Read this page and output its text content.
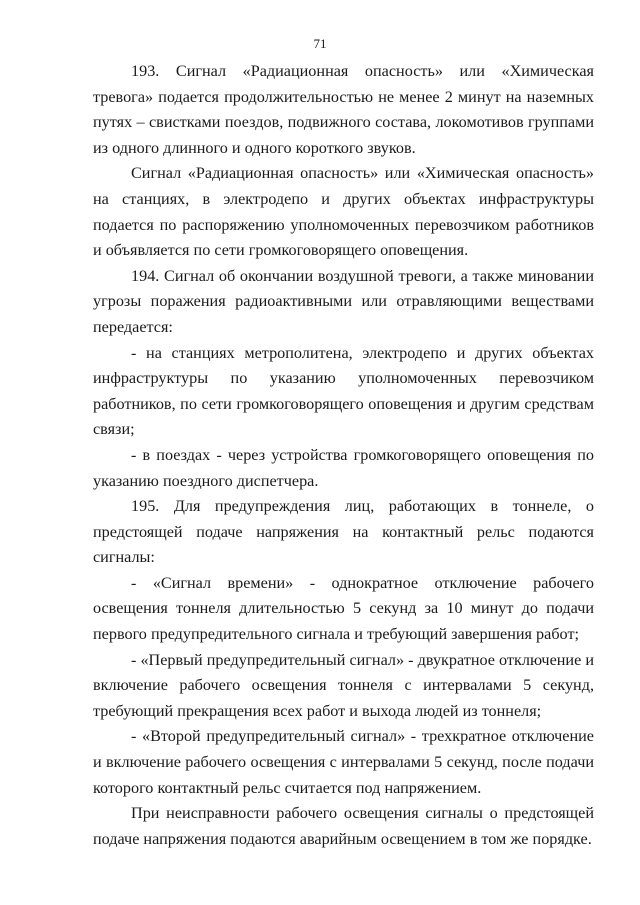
71

193. Сигнал «Радиационная опасность» или «Химическая тревога» подается продолжительностью не менее 2 минут на наземных путях – свистками поездов, подвижного состава, локомотивов группами из одного длинного и одного короткого звуков.

Сигнал «Радиационная опасность» или «Химическая опасность» на станциях, в электродепо и других объектах инфраструктуры подается по распоряжению уполномоченных перевозчиком работников и объявляется по сети громкоговорящего оповещения.

194. Сигнал об окончании воздушной тревоги, а также миновании угрозы поражения радиоактивными или отравляющими веществами передается:

- на станциях метрополитена, электродепо и других объектах инфраструктуры по указанию уполномоченных перевозчиком работников, по сети громкоговорящего оповещения и другим средствам связи;

- в поездах - через устройства громкоговорящего оповещения по указанию поездного диспетчера.

195. Для предупреждения лиц, работающих в тоннеле, о предстоящей подаче напряжения на контактный рельс подаются сигналы:

- «Сигнал времени» - однократное отключение рабочего освещения тоннеля длительностью 5 секунд за 10 минут до подачи первого предупредительного сигнала и требующий завершения работ;

- «Первый предупредительный сигнал» - двукратное отключение и включение рабочего освещения тоннеля с интервалами 5 секунд, требующий прекращения всех работ и выхода людей из тоннеля;

- «Второй предупредительный сигнал» - трехкратное отключение и включение рабочего освещения с интервалами 5 секунд, после подачи которого контактный рельс считается под напряжением.

При неисправности рабочего освещения сигналы о предстоящей подаче напряжения подаются аварийным освещением в том же порядке.
